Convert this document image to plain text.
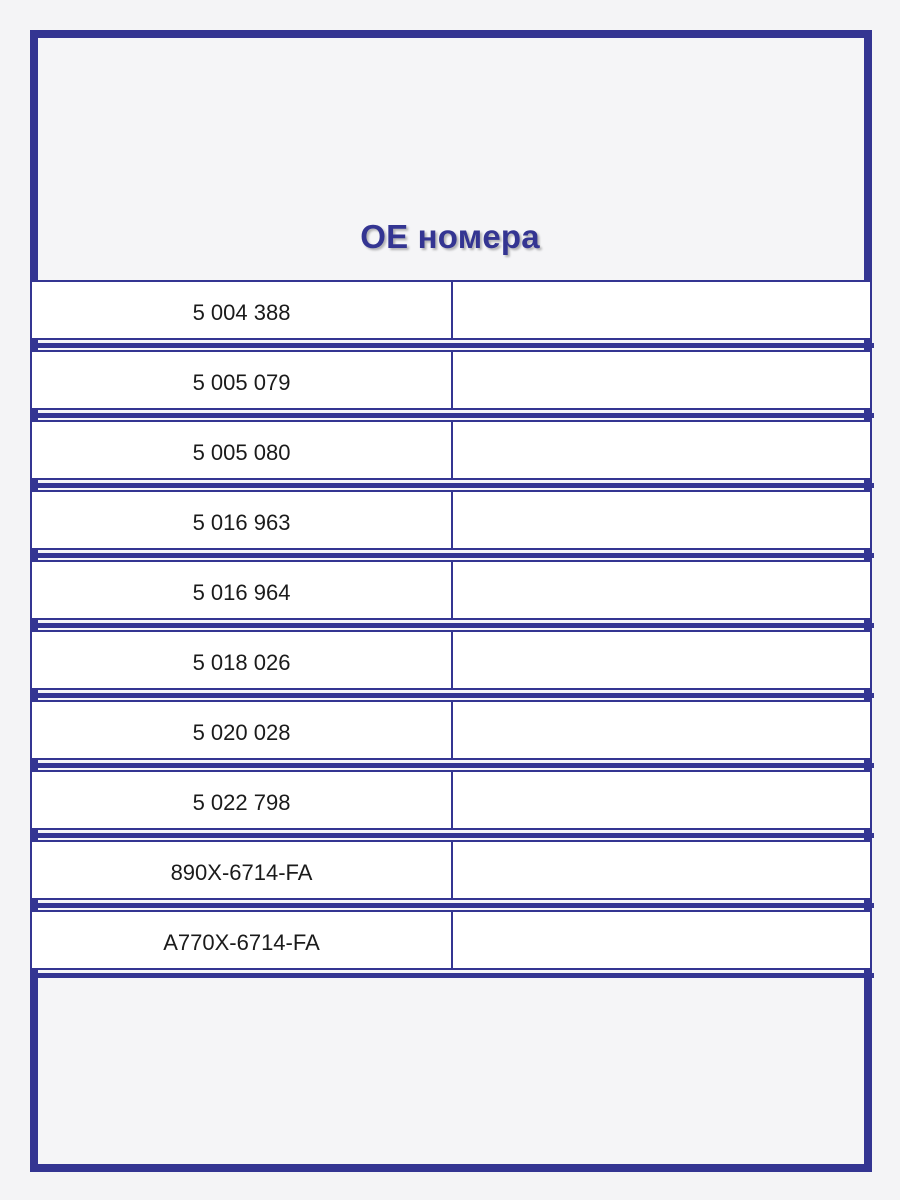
OE номера
5 004 388
5 005 079
5 005 080
5 016 963
5 016 964
5 018 026
5 020 028
5 022 798
890X-6714-FA
A770X-6714-FA
